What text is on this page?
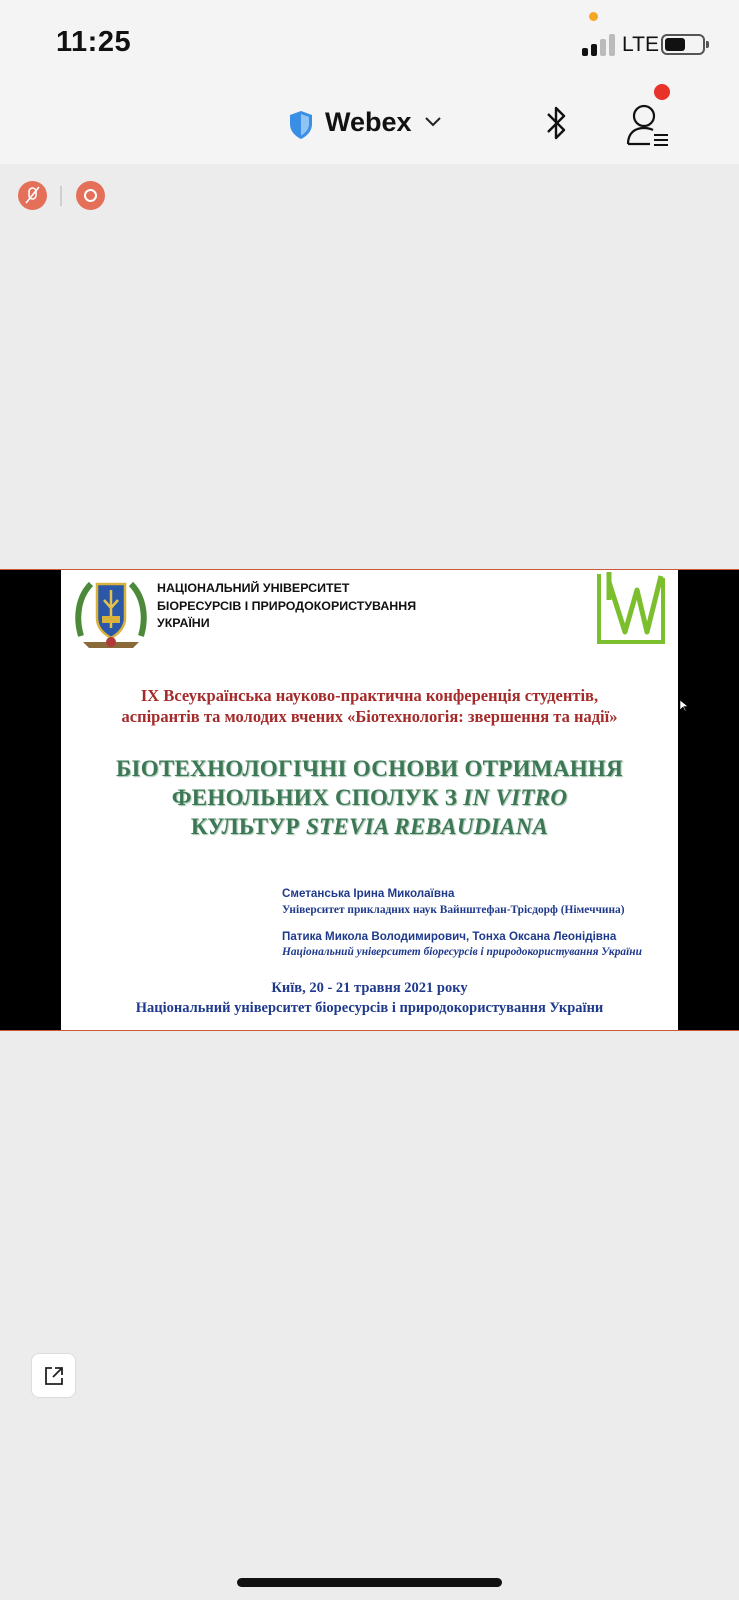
11:25	LTE
Webex
НАЦІОНАЛЬНИЙ УНІВЕРСИТЕТ
БІОРЕСУРСІВ І ПРИРОДОКОРИСТУВАННЯ
УКРАЇНИ
IX Всеукраїнська науково-практична конференція студентів,
аспірантів та молодих вчених «Біотехнологія: звершення та надії»
БІОТЕХНОЛОГІЧНІ ОСНОВИ ОТРИМАННЯ
ФЕНОЛЬНИХ СПОЛУК З IN VITRO
КУЛЬТУР STEVIA REBAUDIANA
Сметанська Ірина Миколаївна
Університет прикладних наук Вайнштефан-Трісдорф (Німеччина)
Патика Микола Володимирович, Тонха Оксана Леонідівна
Національний університет біоресурсів і природокористування України
Київ, 20 - 21 травня 2021 року
Національний університет біоресурсів і природокористування України
